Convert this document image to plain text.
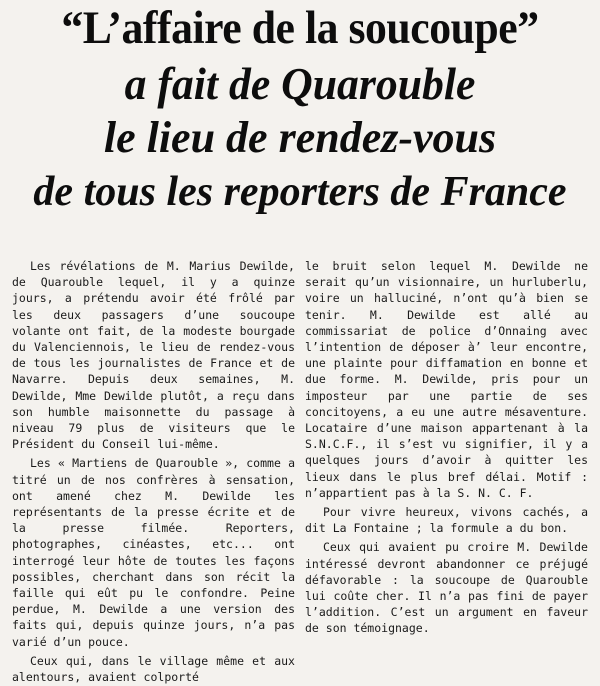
“L’affaire de la soucoupe”
a fait de Quarouble
le lieu de rendez-vous
de tous les reporters de France

Les révélations de M. Marius Dewilde, de Quarouble lequel, il y a quinze jours, a prétendu avoir été frôlé par les deux passagers d’une soucoupe volante ont fait, de la modeste bourgade du Valenciennois, le lieu de rendez-vous de tous les journalistes de France et de Navarre. Depuis deux semaines, M. Dewilde, Mme Dewilde plutôt, a reçu dans son humble maisonnette du passage à niveau 79 plus de visiteurs que le Président du Conseil lui-même.

Les « Martiens de Quarouble », comme a titré un de nos confrères à sensation, ont amené chez M. Dewilde les représentants de la presse écrite et de la presse filmée. Reporters, photographes, cinéastes, etc... ont interrogé leur hôte de toutes les façons possibles, cherchant dans son récit la faille qui eût pu le confondre. Peine perdue, M. Dewilde a une version des faits qui, depuis quinze jours, n’a pas varié d’un pouce.

Ceux qui, dans le village même et aux alentours, avaient colporté

le bruit selon lequel M. Dewilde ne serait qu’un visionnaire, un hurluberlu, voire un halluciné, n’ont qu’à bien se tenir. M. Dewilde est allé au commissariat de police d’Onnaing avec l’intention de déposer à’ leur encontre, une plainte pour diffamation en bonne et due forme. M. Dewilde, pris pour un imposteur par une partie de ses concitoyens, a eu une autre mésaventure. Locataire d’une maison appartenant à la S.N.C.F., il s’est vu signifier, il y a quelques jours d’avoir à quitter les lieux dans le plus bref délai. Motif : n’appartient pas à la S. N. C. F.

Pour vivre heureux, vivons cachés, a dit La Fontaine ; la formule a du bon.

Ceux qui avaient pu croire M. Dewilde intéressé devront abandonner ce préjugé défavorable : la soucoupe de Quarouble lui coûte cher. Il n’a pas fini de payer l’addition. C’est un argument en faveur de son témoignage.
